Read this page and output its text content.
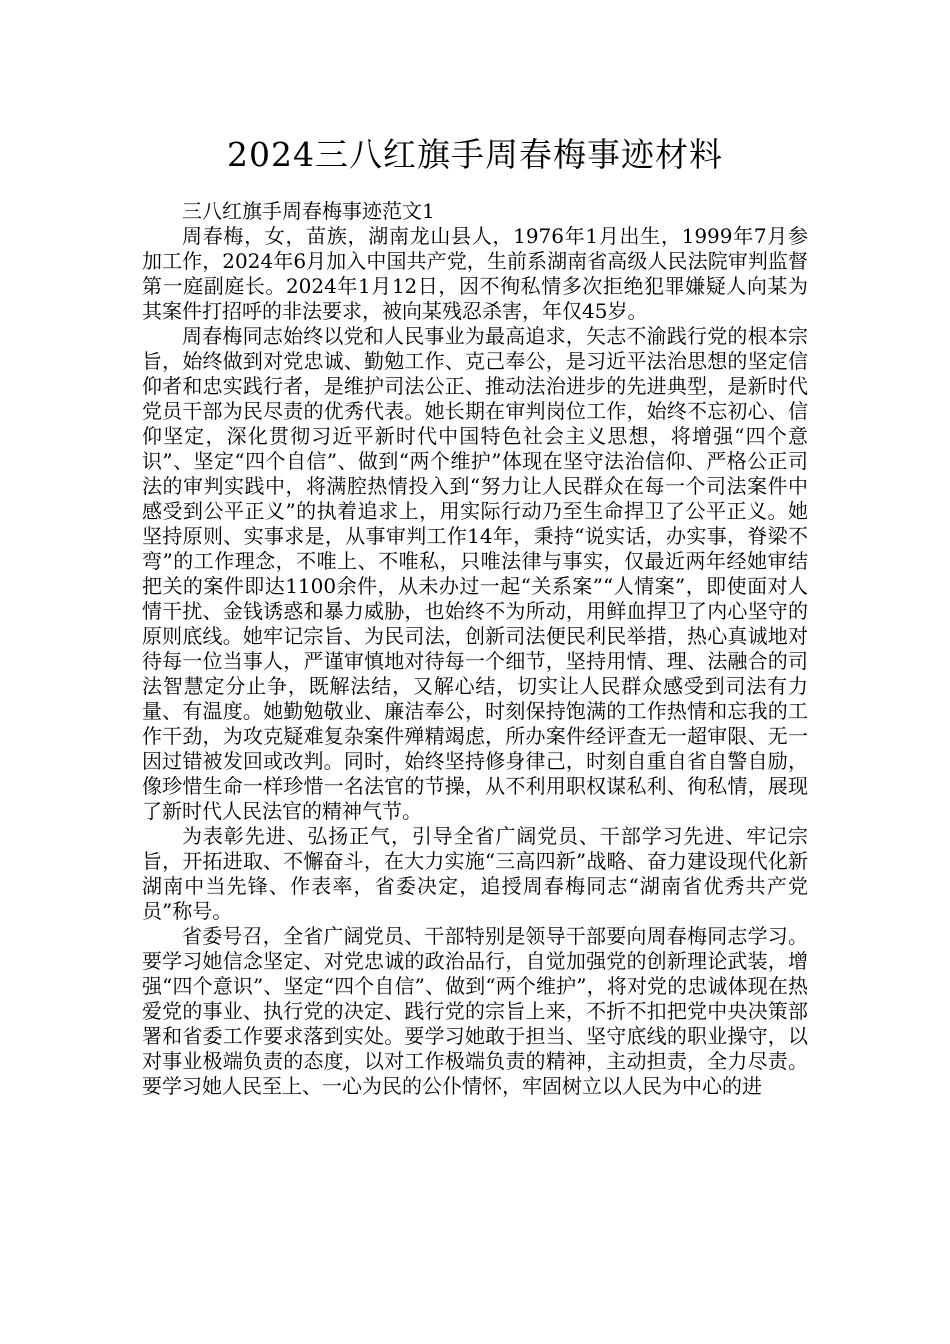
2024三八红旗手周春梅事迹材料

三八红旗手周春梅事迹范文1

周春梅，女，苗族，湖南龙山县人，1976年1月出生，1999年7月参加工作，2024年6月加入中国共产党，生前系湖南省高级人民法院审判监督第一庭副庭长。2024年1月12日，因不徇私情多次拒绝犯罪嫌疑人向某为其案件打招呼的非法要求，被向某残忍杀害，年仅45岁。

周春梅同志始终以党和人民事业为最高追求，矢志不渝践行党的根本宗旨，始终做到对党忠诚、勤勉工作、克己奉公，是习近平法治思想的坚定信仰者和忠实践行者，是维护司法公正、推动法治进步的先进典型，是新时代党员干部为民尽责的优秀代表。她长期在审判岗位工作，始终不忘初心、信仰坚定，深化贯彻习近平新时代中国特色社会主义思想，将增强“四个意识”、坚定“四个自信”、做到“两个维护”体现在坚守法治信仰、严格公正司法的审判实践中，将满腔热情投入到“努力让人民群众在每一个司法案件中感受到公平正义”的执着追求上，用实际行动乃至生命捍卫了公平正义。她坚持原则、实事求是，从事审判工作14年，秉持“说实话，办实事，脊梁不弯”的工作理念，不唯上、不唯私，只唯法律与事实，仅最近两年经她审结把关的案件即达1100余件，从未办过一起“关系案”“人情案”，即使面对人情干扰、金钱诱惑和暴力威胁，也始终不为所动，用鲜血捍卫了内心坚守的原则底线。她牢记宗旨、为民司法，创新司法便民利民举措，热心真诚地对待每一位当事人，严谨审慎地对待每一个细节，坚持用情、理、法融合的司法智慧定分止争，既解法结，又解心结，切实让人民群众感受到司法有力量、有温度。她勤勉敬业、廉洁奉公，时刻保持饱满的工作热情和忘我的工作干劲，为攻克疑难复杂案件殚精竭虑，所办案件经评查无一超审限、无一因过错被发回或改判。同时，始终坚持修身律己，时刻自重自省自警自励，像珍惜生命一样珍惜一名法官的节操，从不利用职权谋私利、徇私情，展现了新时代人民法官的精神气节。

为表彰先进、弘扬正气，引导全省广阔党员、干部学习先进、牢记宗旨，开拓进取、不懈奋斗，在大力实施“三高四新”战略、奋力建设现代化新湖南中当先锋、作表率，省委决定，追授周春梅同志“湖南省优秀共产党员”称号。

省委号召，全省广阔党员、干部特别是领导干部要向周春梅同志学习。要学习她信念坚定、对党忠诚的政治品行，自觉加强党的创新理论武装，增强“四个意识”、坚定“四个自信”、做到“两个维护”，将对党的忠诚体现在热爱党的事业、执行党的决定、践行党的宗旨上来，不折不扣把党中央决策部署和省委工作要求落到实处。要学习她敢于担当、坚守底线的职业操守，以对事业极端负责的态度，以对工作极端负责的精神，主动担责，全力尽责。要学习她人民至上、一心为民的公仆情怀，牢固树立以人民为中心的进
